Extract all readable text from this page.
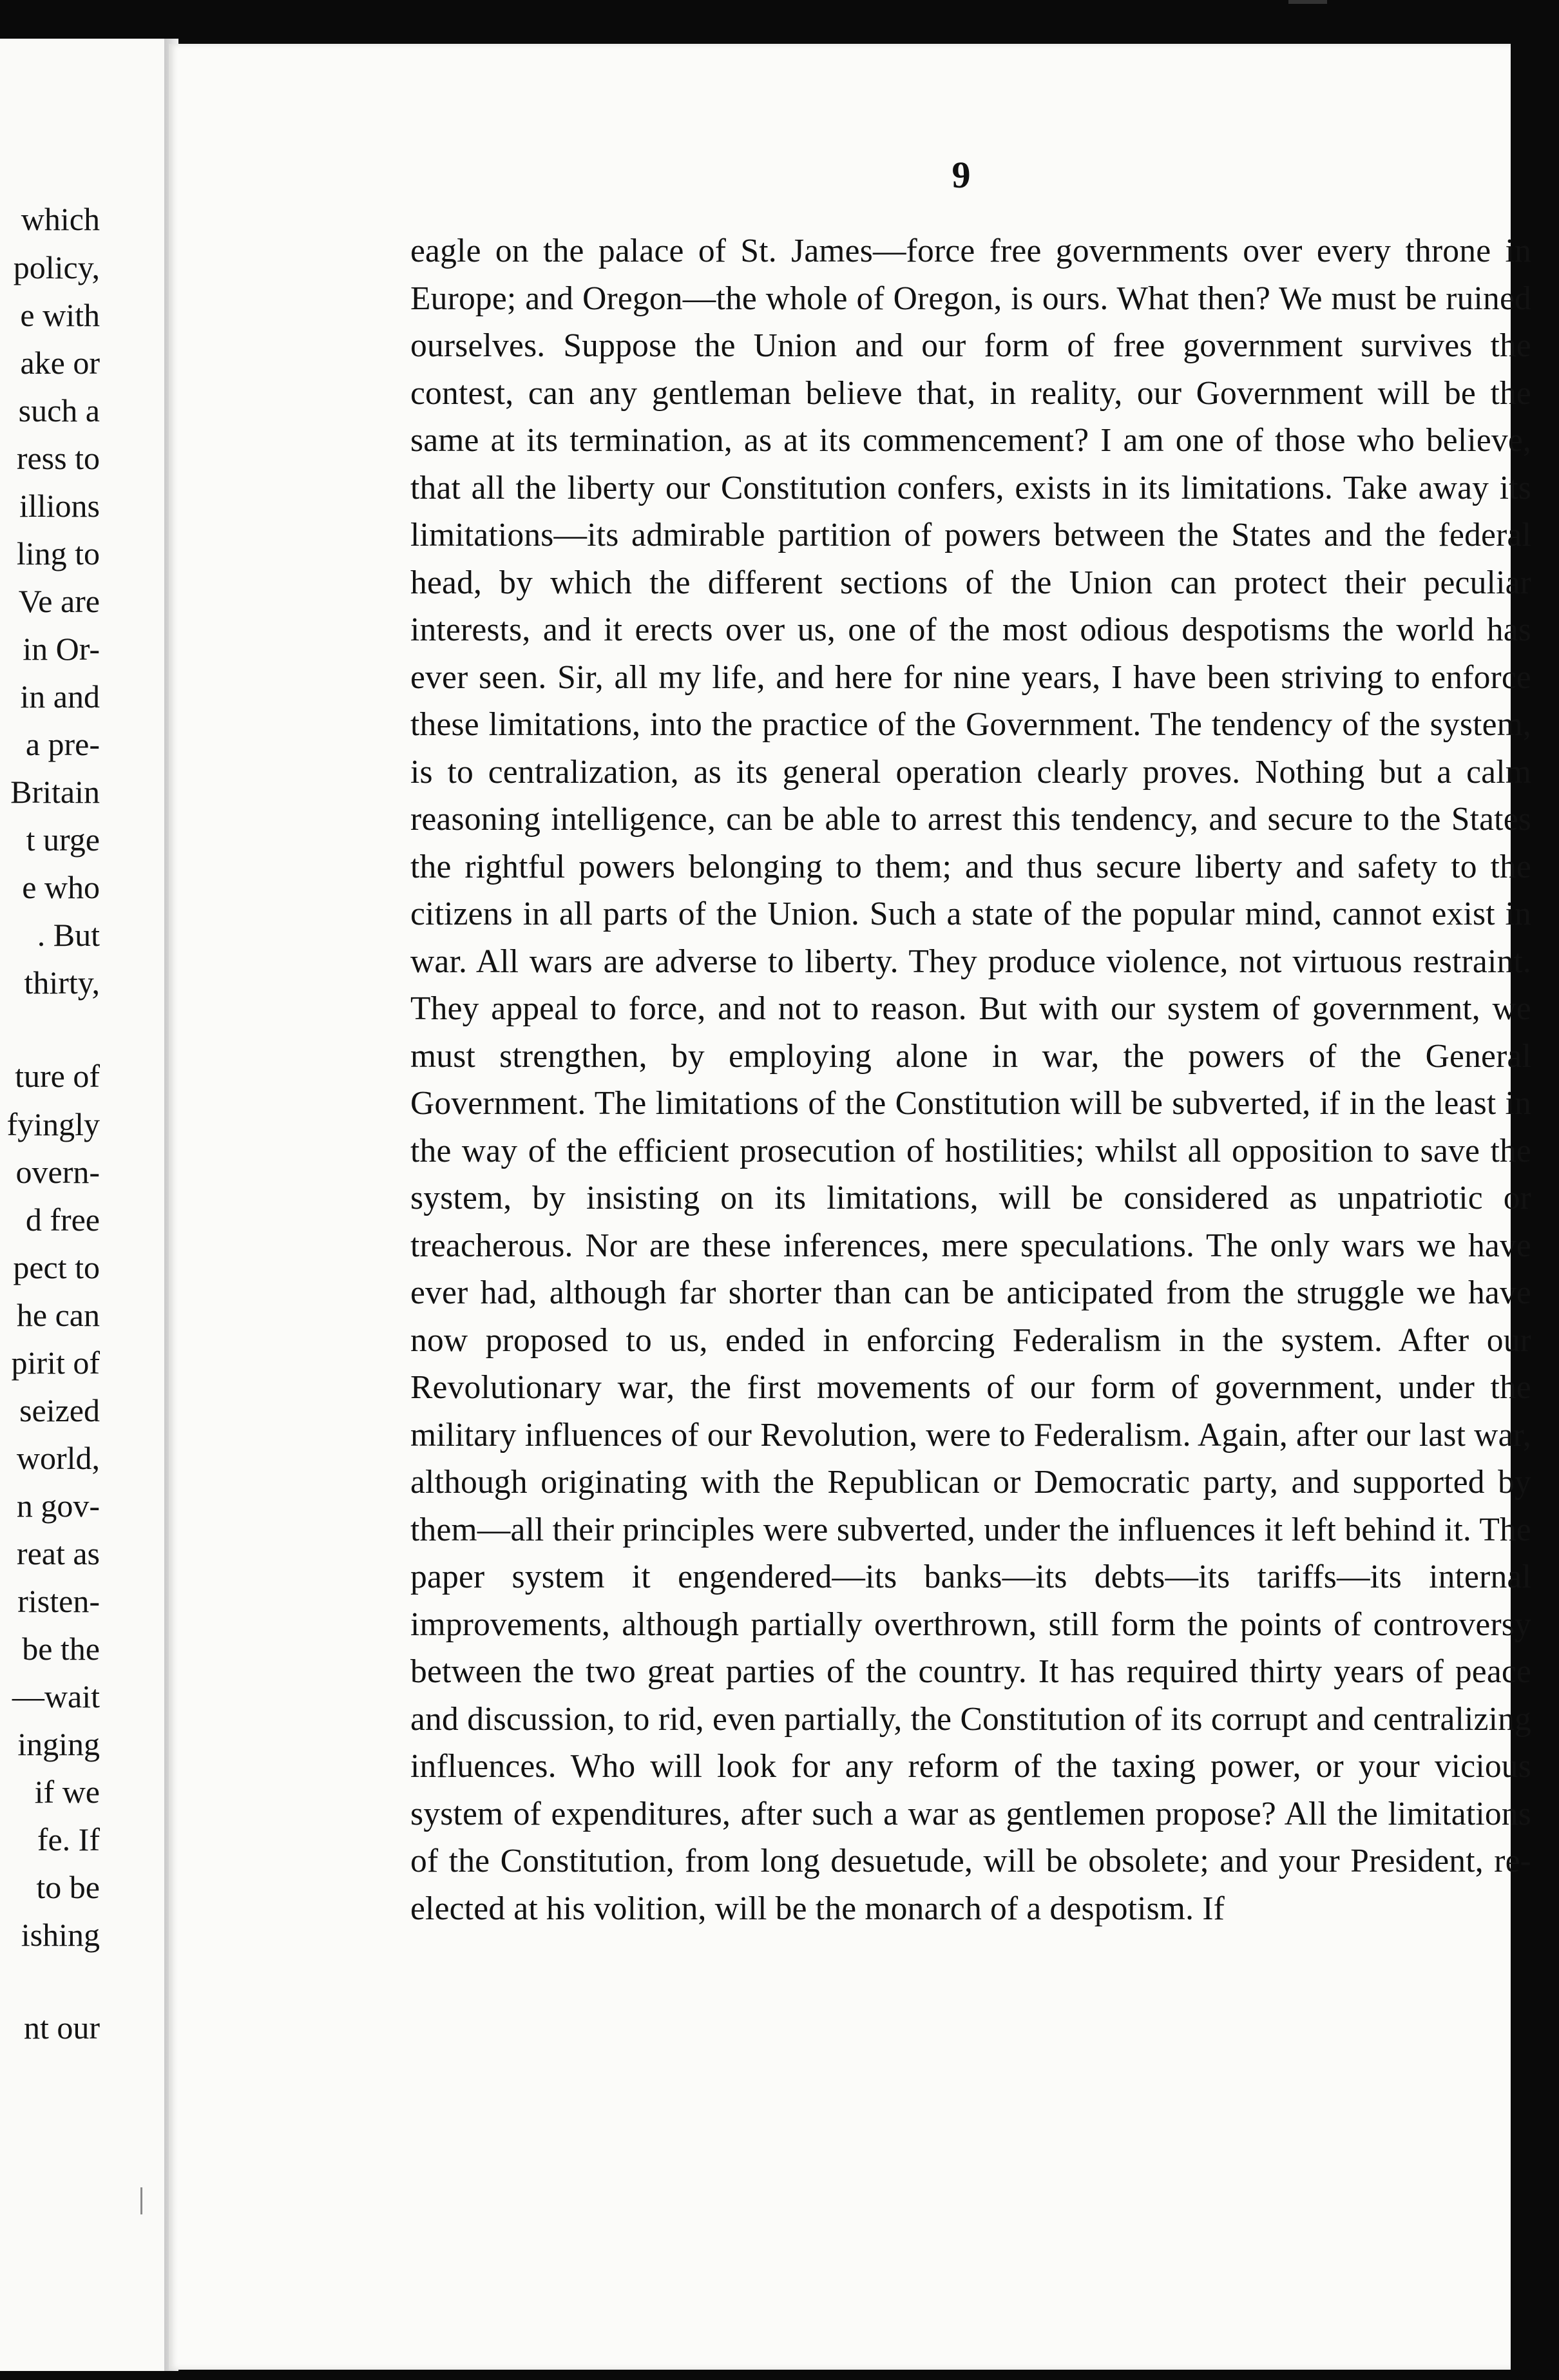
which
policy,
e with
ake or
such a
ress to
illions
ling to
Ve are
in Or-
in and
a pre-
Britain
t urge
e who
. But
thirty,
ture of
fyingly
overn-
d free
pect to
he can
pirit of
seized
world,
n gov-
reat as
risten-
be the
—wait
inging
if we
fe. If
to be
ishing
nt our
9

eagle on the palace of St. James—force free governments over every throne in Europe; and Oregon—the whole of Oregon, is ours. What then? We must be ruined ourselves. Suppose the Union and our form of free government survives the contest, can any gentleman believe that, in reality, our Government will be the same at its termination, as at its commencement? I am one of those who believe, that all the liberty our Constitution confers, exists in its limitations. Take away its limitations—its admirable partition of powers between the States and the federal head, by which the different sections of the Union can protect their peculiar interests, and it erects over us, one of the most odious despotisms the world has ever seen. Sir, all my life, and here for nine years, I have been striving to enforce these limitations, into the practice of the Government. The tendency of the system, is to centralization, as its general operation clearly proves. Nothing but a calm reasoning intelligence, can be able to arrest this tendency, and secure to the States the rightful powers belonging to them; and thus secure liberty and safety to the citizens in all parts of the Union. Such a state of the popular mind, cannot exist in war. All wars are adverse to liberty. They produce violence, not virtuous restraint. They appeal to force, and not to reason. But with our system of government, we must strengthen, by employing alone in war, the powers of the General Government. The limitations of the Constitution will be subverted, if in the least in the way of the efficient prosecution of hostilities; whilst all opposition to save the system, by insisting on its limitations, will be considered as unpatriotic or treacherous. Nor are these inferences, mere speculations. The only wars we have ever had, although far shorter than can be anticipated from the struggle we have now proposed to us, ended in enforcing Federalism in the system. After our Revolutionary war, the first movements of our form of government, under the military influences of our Revolution, were to Federalism. Again, after our last war, although originating with the Republican or Democratic party, and supported by them—all their principles were subverted, under the influences it left behind it. The paper system it engendered—its banks—its debts—its tariffs—its internal improvements, although partially overthrown, still form the points of controversy between the two great parties of the country. It has required thirty years of peace and discussion, to rid, even partially, the Constitution of its corrupt and centralizing influences. Who will look for any reform of the taxing power, or your vicious system of expenditures, after such a war as gentlemen propose? All the limitations of the Constitution, from long desuetude, will be obsolete; and your President, re-elected at his volition, will be the monarch of a despotism. If
